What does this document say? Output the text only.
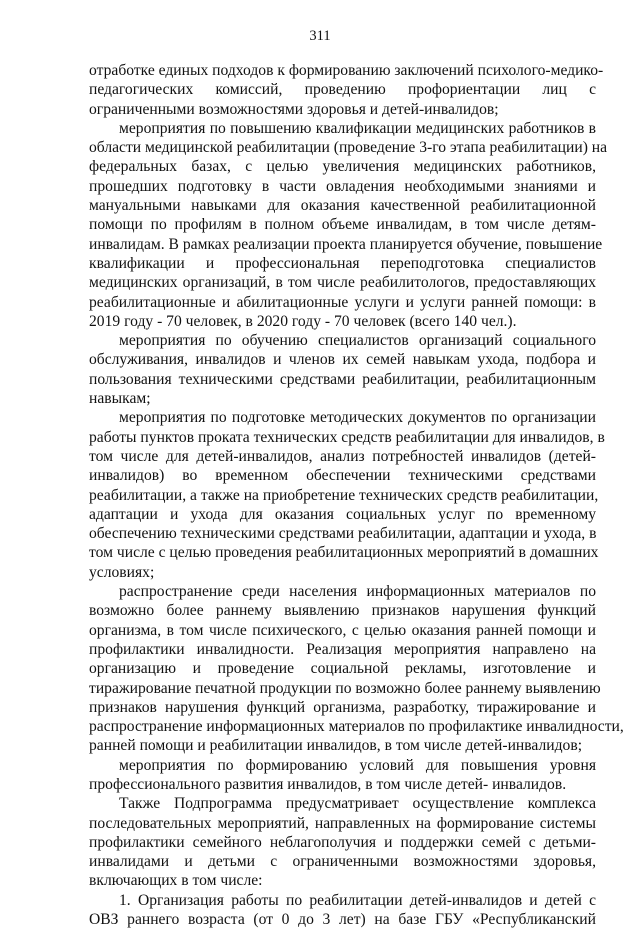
311
отработке единых подходов к формированию заключений психолого-медико-
педагогических комиссий, проведению профориентации лиц с
ограниченными возможностями здоровья и детей-инвалидов;
мероприятия по повышению квалификации медицинских работников в
области медицинской реабилитации (проведение 3-го этапа реабилитации) на
федеральных базах, с целью увеличения медицинских работников,
прошедших подготовку в части овладения необходимыми знаниями и
мануальными навыками для оказания качественной реабилитационной
помощи по профилям в полном объеме инвалидам, в том числе детям-
инвалидам. В рамках реализации проекта планируется обучение, повышение
квалификации и профессиональная переподготовка специалистов
медицинских организаций, в том числе реабилитологов, предоставляющих
реабилитационные и абилитационные услуги и услуги ранней помощи: в
2019 году - 70 человек, в 2020 году - 70 человек (всего 140 чел.).
мероприятия по обучению специалистов организаций социального
обслуживания, инвалидов и членов их семей навыкам ухода, подбора и
пользования техническими средствами реабилитации, реабилитационным
навыкам;
мероприятия по подготовке методических документов по организации
работы пунктов проката технических средств реабилитации для инвалидов, в
том числе для детей-инвалидов, анализ потребностей инвалидов (детей-
инвалидов) во временном обеспечении техническими средствами
реабилитации, а также на приобретение технических средств реабилитации,
адаптации и ухода для оказания социальных услуг по временному
обеспечению техническими средствами реабилитации, адаптации и ухода, в
том числе с целью проведения реабилитационных мероприятий в домашних
условиях;
распространение среди населения информационных материалов по
возможно более раннему выявлению признаков нарушения функций
организма, в том числе психического, с целью оказания ранней помощи и
профилактики инвалидности. Реализация мероприятия направлено на
организацию и проведение социальной рекламы, изготовление и
тиражирование печатной продукции по возможно более раннему выявлению
признаков нарушения функций организма, разработку, тиражирование и
распространение информационных материалов по профилактике инвалидности,
ранней помощи и реабилитации инвалидов, в том числе детей-инвалидов;
мероприятия по формированию условий для повышения уровня
профессионального развития инвалидов, в том числе детей- инвалидов.
Также Подпрограмма предусматривает осуществление комплекса
последовательных мероприятий, направленных на формирование системы
профилактики семейного неблагополучия и поддержки семей с детьми-
инвалидами и детьми с ограниченными возможностями здоровья,
включающих в том числе:
1. Организация работы по реабилитации детей-инвалидов и детей с
ОВЗ раннего возраста (от 0 до 3 лет) на базе ГБУ «Республиканский
